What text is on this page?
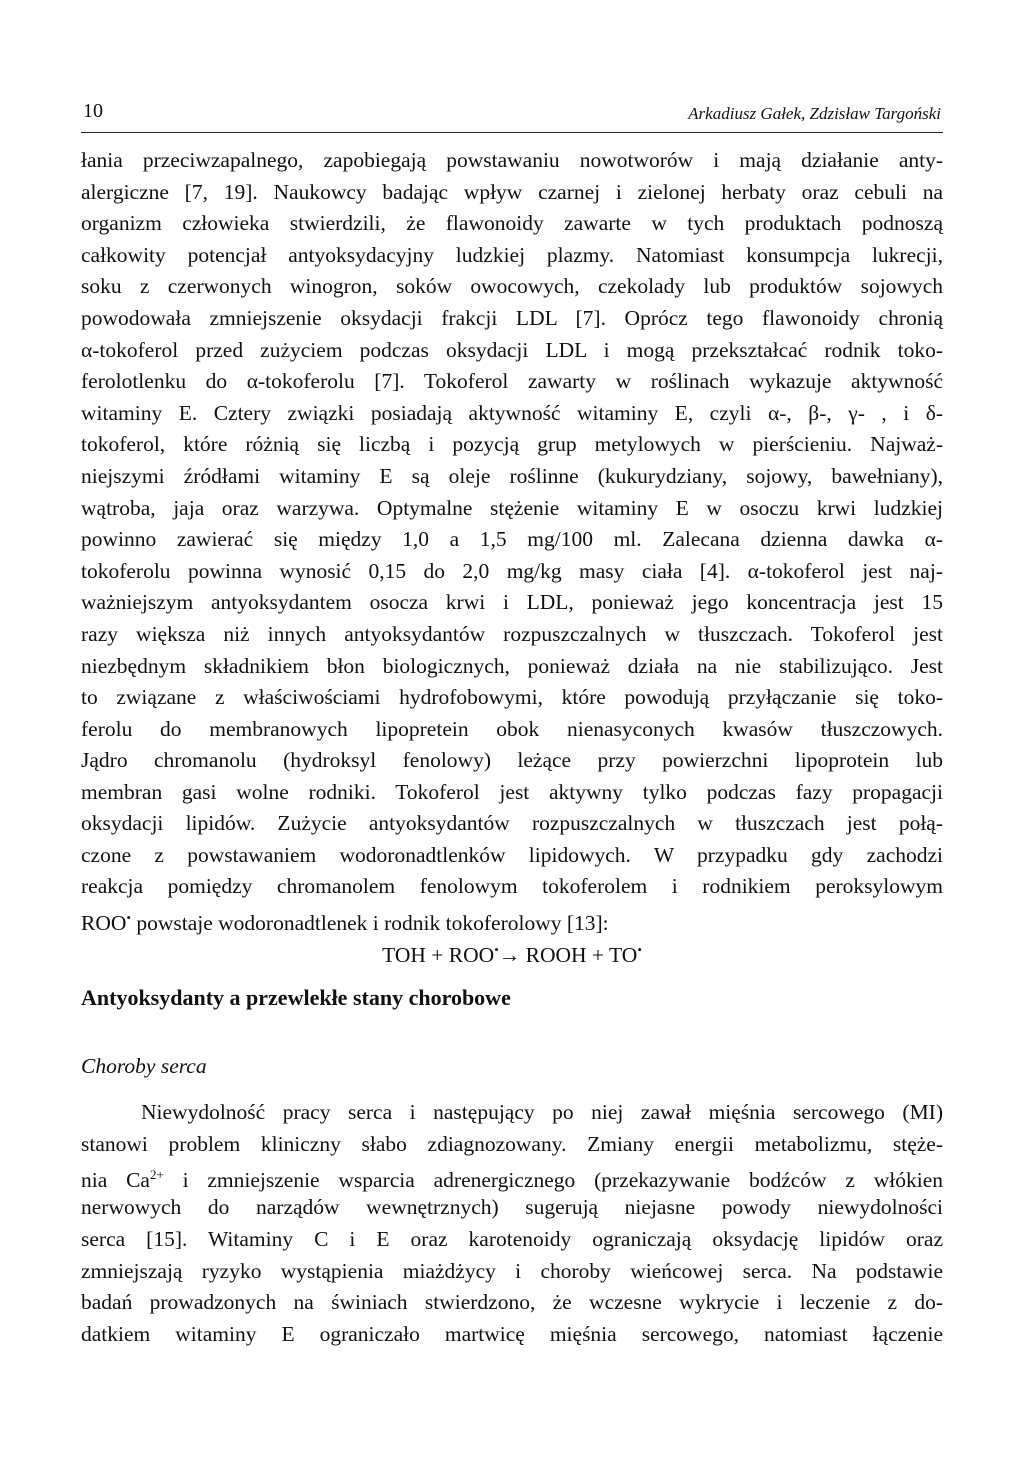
10	Arkadiusz Gałek, Zdzisław Targoński
łania przeciwzapalnego, zapobiegają powstawaniu nowotworów i mają działanie anty-
alergiczne [7, 19]. Naukowcy badając wpływ czarnej i zielonej herbaty oraz cebuli na
organizm człowieka stwierdzili, że flawonoidy zawarte w tych produktach podnoszą
całkowity potencjał antyoksydacyjny ludzkiej plazmy. Natomiast konsumpcja lukrecji,
soku z czerwonych winogron, soków owocowych, czekolady lub produktów sojowych
powodowała zmniejszenie oksydacji frakcji LDL [7]. Oprócz tego flawonoidy chronią
α-tokoferol przed zużyciem podczas oksydacji LDL i mogą przekształcać rodnik toko-
ferolotlenku do α-tokoferolu [7]. Tokoferol zawarty w roślinach wykazuje aktywność
witaminy E. Cztery związki posiadają aktywność witaminy E, czyli α-, β-, γ- , i δ-
tokoferol, które różnią się liczbą i pozycją grup metylowych w pierścieniu. Najważ-
niejszymi źródłami witaminy E są oleje roślinne (kukurydziany, sojowy, bawełniany),
wątroba, jaja oraz warzywa. Optymalne stężenie witaminy E w osoczu krwi ludzkiej
powinno zawierać się między 1,0 a 1,5 mg/100 ml. Zalecana dzienna dawka α-
tokoferolu powinna wynosić 0,15 do 2,0 mg/kg masy ciała [4]. α-tokoferol jest naj-
ważniejszym antyoksydantem osocza krwi i LDL, ponieważ jego koncentracja jest 15
razy większa niż innych antyoksydantów rozpuszczalnych w tłuszczach. Tokoferol jest
niezbędnym składnikiem błon biologicznych, ponieważ działa na nie stabilizująco. Jest
to związane z właściwościami hydrofobowymi, które powodują przyłączanie się toko-
ferolu do membranowych lipopretein obok nienasyconych kwasów tłuszczowych.
Jądro chromanolu (hydroksyl fenolowy) leżące przy powierzchni lipoprotein lub
membran gasi wolne rodniki. Tokoferol jest aktywny tylko podczas fazy propagacji
oksydacji lipidów. Zużycie antyoksydantów rozpuszczalnych w tłuszczach jest połą-
czone z powstawaniem wodoronadtlenków lipidowych. W przypadku gdy zachodzi
reakcja pomiędzy chromanolem fenolowym tokoferolem i rodnikiem peroksylowym
ROO• powstaje wodoronadtlenek i rodnik tokoferolowy [13]:
TOH + ROO•→ ROOH + TO•
Antyoksydanty a przewlekłe stany chorobowe
Choroby serca
Niewydolność pracy serca i następujący po niej zawał mięśnia sercowego (MI)
stanowi problem kliniczny słabo zdiagnozowany. Zmiany energii metabolizmu, stęże-
nia $Ca^{2+}$ i zmniejszenie wsparcia adrenergicznego (przekazywanie bodźców z włókien
nerwowych do narządów wewnętrznych) sugerują niejasne powody niewydolności
serca [15]. Witaminy C i E oraz karotenoidy ograniczają oksydację lipidów oraz
zmniejszają ryzyko wystąpienia miażdżycy i choroby wieńcowej serca. Na podstawie
badań prowadzonych na świniach stwierdzono, że wczesne wykrycie i leczenie z do-
datkiem witaminy E ograniczało martwicę mięśnia sercowego, natomiast łączenie
